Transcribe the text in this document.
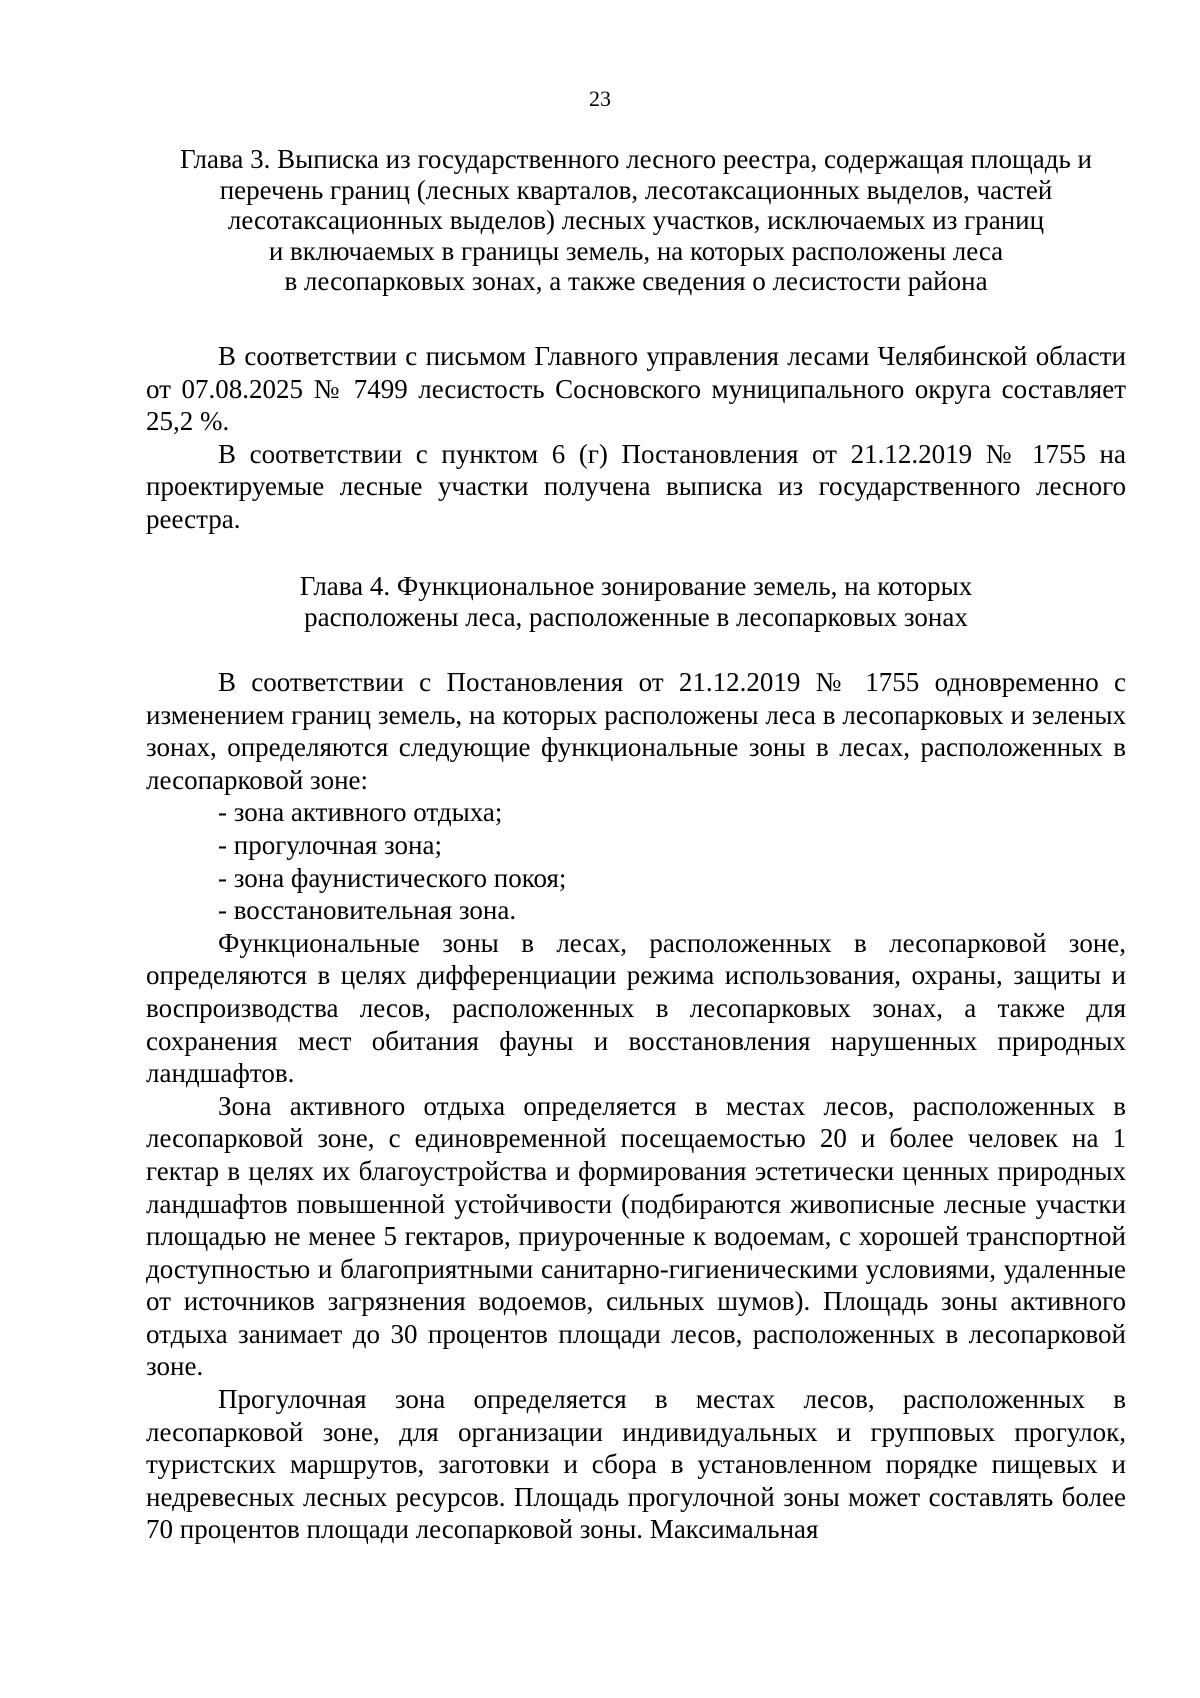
23
Глава 3. Выписка из государственного лесного реестра, содержащая площадь и
перечень границ (лесных кварталов, лесотаксационных выделов, частей
лесотаксационных выделов) лесных участков, исключаемых из границ
и включаемых в границы земель, на которых расположены леса
в лесопарковых зонах, а также сведения о лесистости района

В соответствии с письмом Главного управления лесами Челябинской области от 07.08.2025 № 7499 лесистость Сосновского муниципального округа составляет 25,2 %.

В соответствии с пунктом 6 (г) Постановления от 21.12.2019 № 1755 на проектируемые лесные участки получена выписка из государственного лесного реестра.

Глава 4. Функциональное зонирование земель, на которых
расположены леса, расположенные в лесопарковых зонах

В соответствии с Постановления от 21.12.2019 № 1755 одновременно с изменением границ земель, на которых расположены леса в лесопарковых и зеленых зонах, определяются следующие функциональные зоны в лесах, расположенных в лесопарковой зоне:

- зона активного отдыха;
- прогулочная зона;
- зона фаунистического покоя;
- восстановительная зона.

Функциональные зоны в лесах, расположенных в лесопарковой зоне, определяются в целях дифференциации режима использования, охраны, защиты и воспроизводства лесов, расположенных в лесопарковых зонах, а также для сохранения мест обитания фауны и восстановления нарушенных природных ландшафтов.

Зона активного отдыха определяется в местах лесов, расположенных в лесопарковой зоне, с единовременной посещаемостью 20 и более человек на 1 гектар в целях их благоустройства и формирования эстетически ценных природных ландшафтов повышенной устойчивости (подбираются живописные лесные участки площадью не менее 5 гектаров, приуроченные к водоемам, с хорошей транспортной доступностью и благоприятными санитарно-гигиеническими условиями, удаленные от источников загрязнения водоемов, сильных шумов). Площадь зоны активного отдыха занимает до 30 процентов площади лесов, расположенных в лесопарковой зоне.

Прогулочная зона определяется в местах лесов, расположенных в лесопарковой зоне, для организации индивидуальных и групповых прогулок, туристских маршрутов, заготовки и сбора в установленном порядке пищевых и недревесных лесных ресурсов. Площадь прогулочной зоны может составлять более 70 процентов площади лесопарковой зоны. Максимальная
